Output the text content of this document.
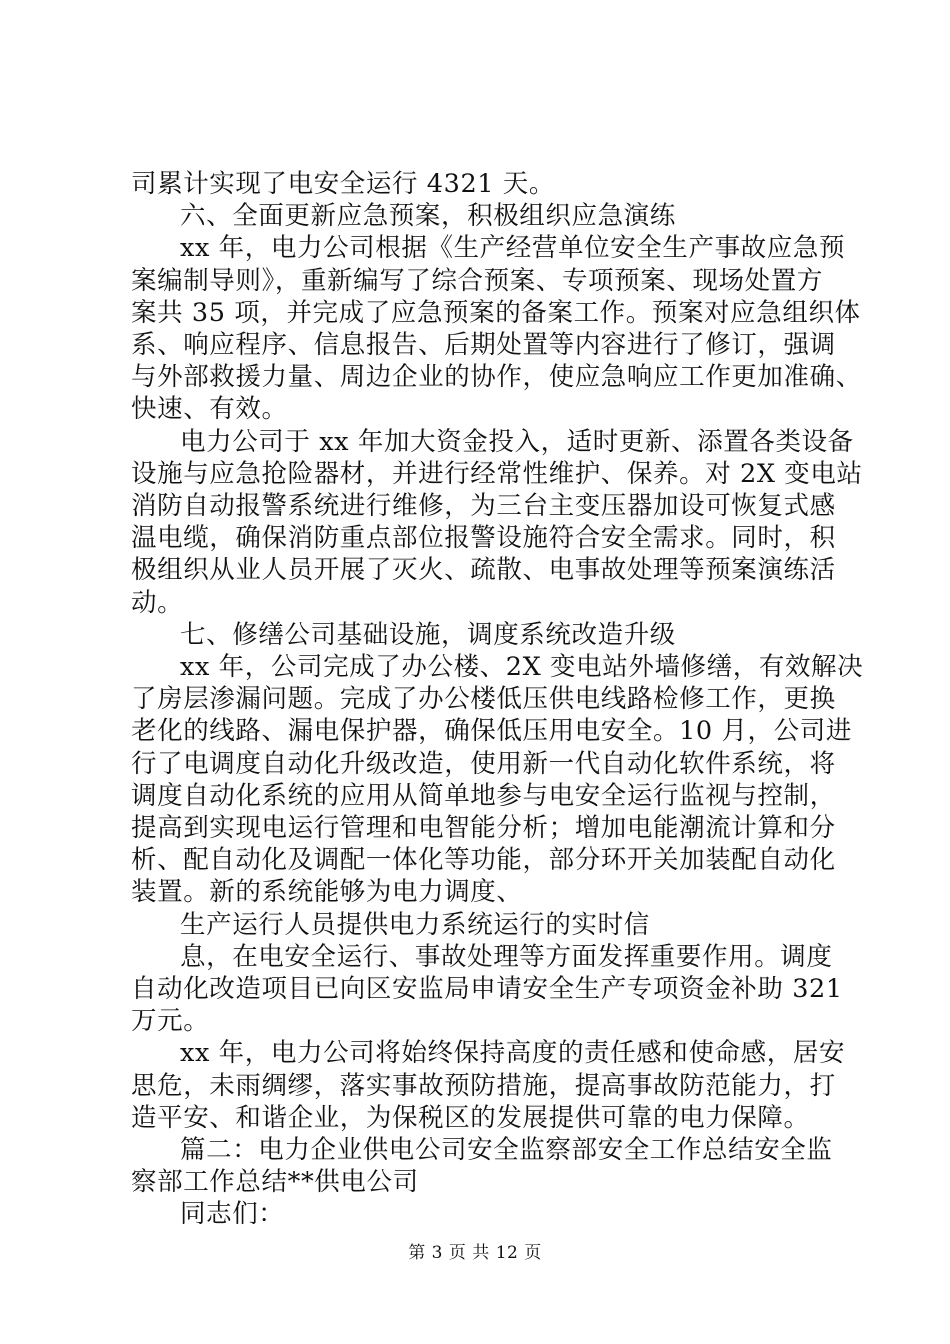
司累计实现了电安全运行 4321 天。
六、全面更新应急预案，积极组织应急演练
xx 年，电力公司根据《生产经营单位安全生产事故应急预
案编制导则》，重新编写了综合预案、专项预案、现场处置方
案共 35 项，并完成了应急预案的备案工作。预案对应急组织体
系、响应程序、信息报告、后期处置等内容进行了修订，强调
与外部救援力量、周边企业的协作，使应急响应工作更加准确、
快速、有效。
电力公司于 xx 年加大资金投入，适时更新、添置各类设备
设施与应急抢险器材，并进行经常性维护、保养。对 2X 变电站
消防自动报警系统进行维修，为三台主变压器加设可恢复式感
温电缆，确保消防重点部位报警设施符合安全需求。同时，积
极组织从业人员开展了灭火、疏散、电事故处理等预案演练活
动。
七、修缮公司基础设施，调度系统改造升级
xx 年，公司完成了办公楼、2X 变电站外墙修缮，有效解决
了房层渗漏问题。完成了办公楼低压供电线路检修工作，更换
老化的线路、漏电保护器，确保低压用电安全。10 月，公司进
行了电调度自动化升级改造，使用新一代自动化软件系统，将
调度自动化系统的应用从简单地参与电安全运行监视与控制，
提高到实现电运行管理和电智能分析；增加电能潮流计算和分
析、配自动化及调配一体化等功能，部分环开关加装配自动化
装置。新的系统能够为电力调度、
生产运行人员提供电力系统运行的实时信
息，在电安全运行、事故处理等方面发挥重要作用。调度
自动化改造项目已向区安监局申请安全生产专项资金补助 321
万元。
xx 年，电力公司将始终保持高度的责任感和使命感，居安
思危，未雨绸缪，落实事故预防措施，提高事故防范能力，打
造平安、和谐企业，为保税区的发展提供可靠的电力保障。
篇二：电力企业供电公司安全监察部安全工作总结安全监
察部工作总结**供电公司
同志们：
第 3 页 共 12 页
